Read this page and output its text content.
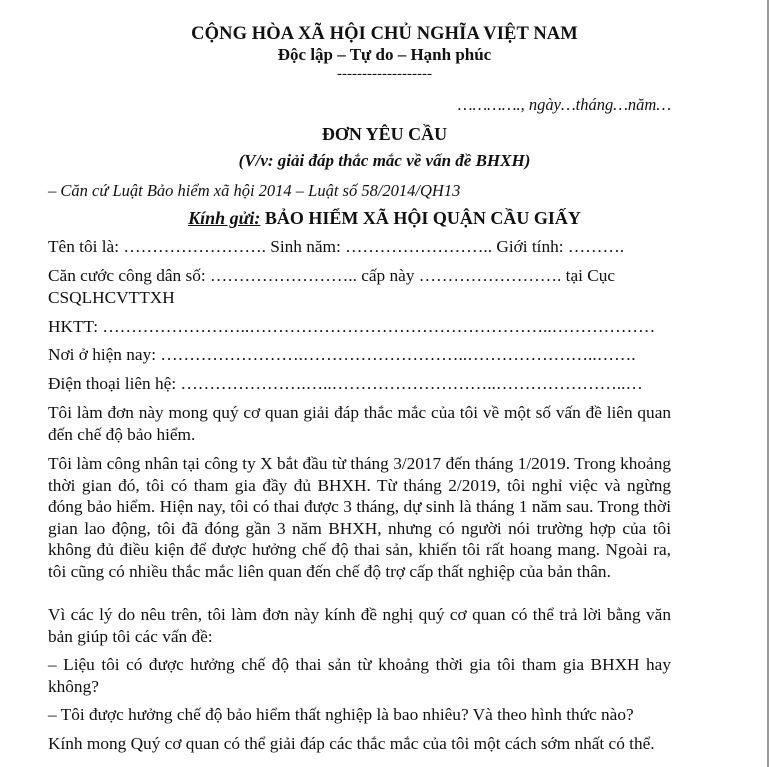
CỘNG HÒA XÃ HỘI CHỦ NGHĨA VIỆT NAM
Độc lập – Tự do – Hạnh phúc
-------------------
…………., ngày…tháng…năm…
ĐƠN YÊU CẦU
(V/v: giải đáp thắc mắc về vấn đề BHXH)
– Căn cứ Luật Bảo hiểm xã hội 2014 – Luật số 58/2014/QH13
Kính gửi: BẢO HIỂM XÃ HỘI QUẬN CẦU GIẤY
Tên tôi là: ……………………. Sinh năm: …………………….. Giới tính: ……….
Căn cước công dân số: …………………….. cấp này ……………………. tại Cục
CSQLHCVTTXH
HKTT: ……………………..……………………………………………..………………
Nơi ở hiện nay: …………………….………………………..…………………..…….
Điện thoại liên hệ: ………………….…..………………………..…………………..…
Tôi làm đơn này mong quý cơ quan giải đáp thắc mắc của tôi về một số vấn đề liên quan đến chế độ bảo hiểm.
Tôi làm công nhân tại công ty X bắt đầu từ tháng 3/2017 đến tháng 1/2019. Trong khoảng thời gian đó, tôi có tham gia đầy đủ BHXH. Từ tháng 2/2019, tôi nghỉ việc và ngừng đóng bảo hiểm. Hiện nay, tôi có thai được 3 tháng, dự sinh là tháng 1 năm sau. Trong thời gian lao động, tôi đã đóng gần 3 năm BHXH, nhưng có người nói trường hợp của tôi không đủ điều kiện để được hưởng chế độ thai sản, khiến tôi rất hoang mang. Ngoài ra, tôi cũng có nhiều thắc mắc liên quan đến chế độ trợ cấp thất nghiệp của bản thân.
Vì các lý do nêu trên, tôi làm đơn này kính đề nghị quý cơ quan có thể trả lời bằng văn bản giúp tôi các vấn đề:
– Liệu tôi có được hưởng chế độ thai sản từ khoảng thời gia tôi tham gia BHXH hay không?
– Tôi được hưởng chế độ bảo hiểm thất nghiệp là bao nhiêu? Và theo hình thức nào?
Kính mong Quý cơ quan có thể giải đáp các thắc mắc của tôi một cách sớm nhất có thể.
